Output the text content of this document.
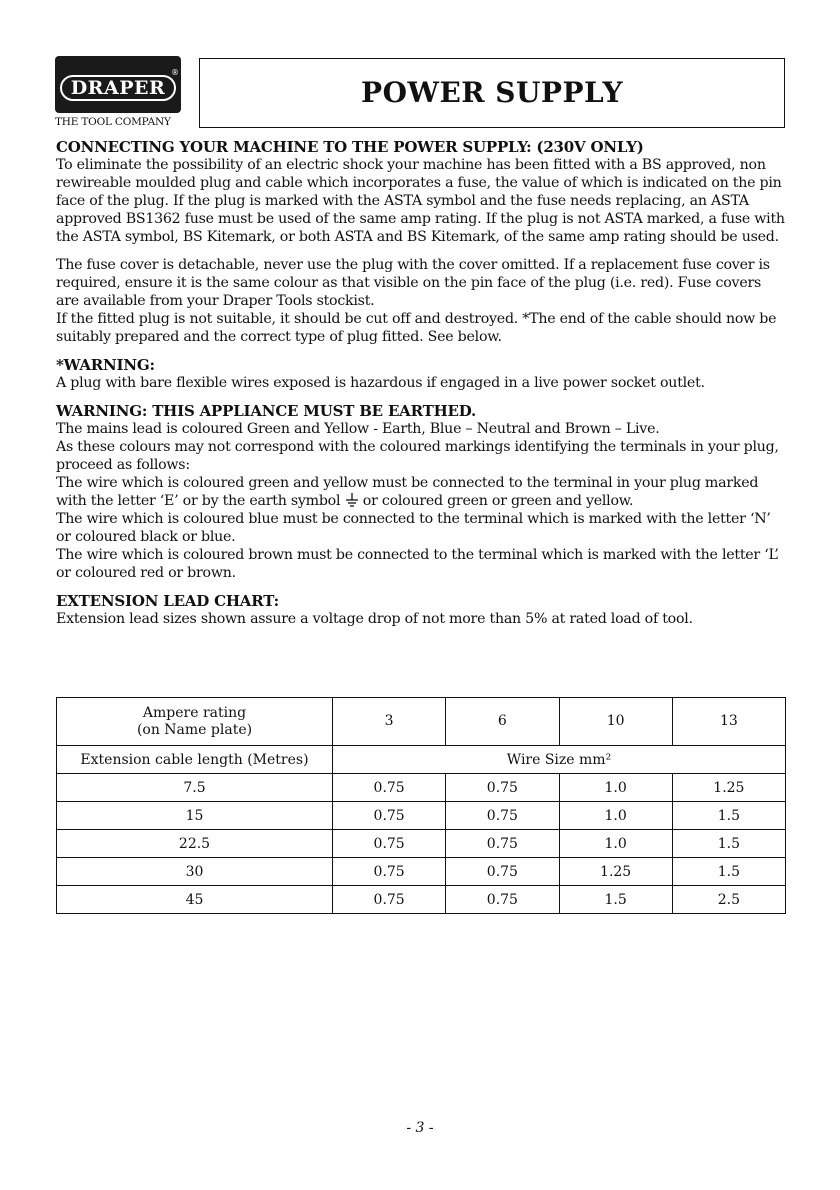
DRAPER
®
THE TOOL COMPANY
POWER SUPPLY
CONNECTING YOUR MACHINE TO THE POWER SUPPLY: (230V ONLY)

To eliminate the possibility of an electric shock your machine has been fitted with a BS approved, non rewireable moulded plug and cable which incorporates a fuse, the value of which is indicated on the pin face of the plug. If the plug is marked with the ASTA symbol and the fuse needs replacing, an ASTA approved BS1362 fuse must be used of the same amp rating. If the plug is not ASTA marked, a fuse with the ASTA symbol, BS Kitemark, or both ASTA and BS Kitemark, of the same amp rating should be used.

The fuse cover is detachable, never use the plug with the cover omitted. If a replacement fuse cover is required, ensure it is the same colour as that visible on the pin face of the plug (i.e. red). Fuse covers are available from your Draper Tools stockist.

If the fitted plug is not suitable, it should be cut off and destroyed. *The end of the cable should now be suitably prepared and the correct type of plug fitted. See below.

*WARNING:

A plug with bare flexible wires exposed is hazardous if engaged in a live power socket outlet.

WARNING: THIS APPLIANCE MUST BE EARTHED.

The mains lead is coloured Green and Yellow - Earth, Blue – Neutral and Brown – Live.

As these colours may not correspond with the coloured markings identifying the terminals in your plug, proceed as follows:

The wire which is coloured green and yellow must be connected to the terminal in your plug marked with the letter ‘E’ or by the earth symbol or coloured green or green and yellow.

The wire which is coloured blue must be connected to the terminal which is marked with the letter ‘N’ or coloured black or blue.

The wire which is coloured brown must be connected to the terminal which is marked with the letter ‘L’ or coloured red or brown.

EXTENSION LEAD CHART:

Extension lead sizes shown assure a voltage drop of not more than 5% at rated load of tool.

Ampere rating
(on Name plate)	3	6	10	13
Extension cable length (Metres)	Wire Size mm²			
7.5	0.75	0.75	1.0	1.25
15	0.75	0.75	1.0	1.5
22.5	0.75	0.75	1.0	1.5
30	0.75	0.75	1.25	1.5
45	0.75	0.75	1.5	2.5
- 3 -
